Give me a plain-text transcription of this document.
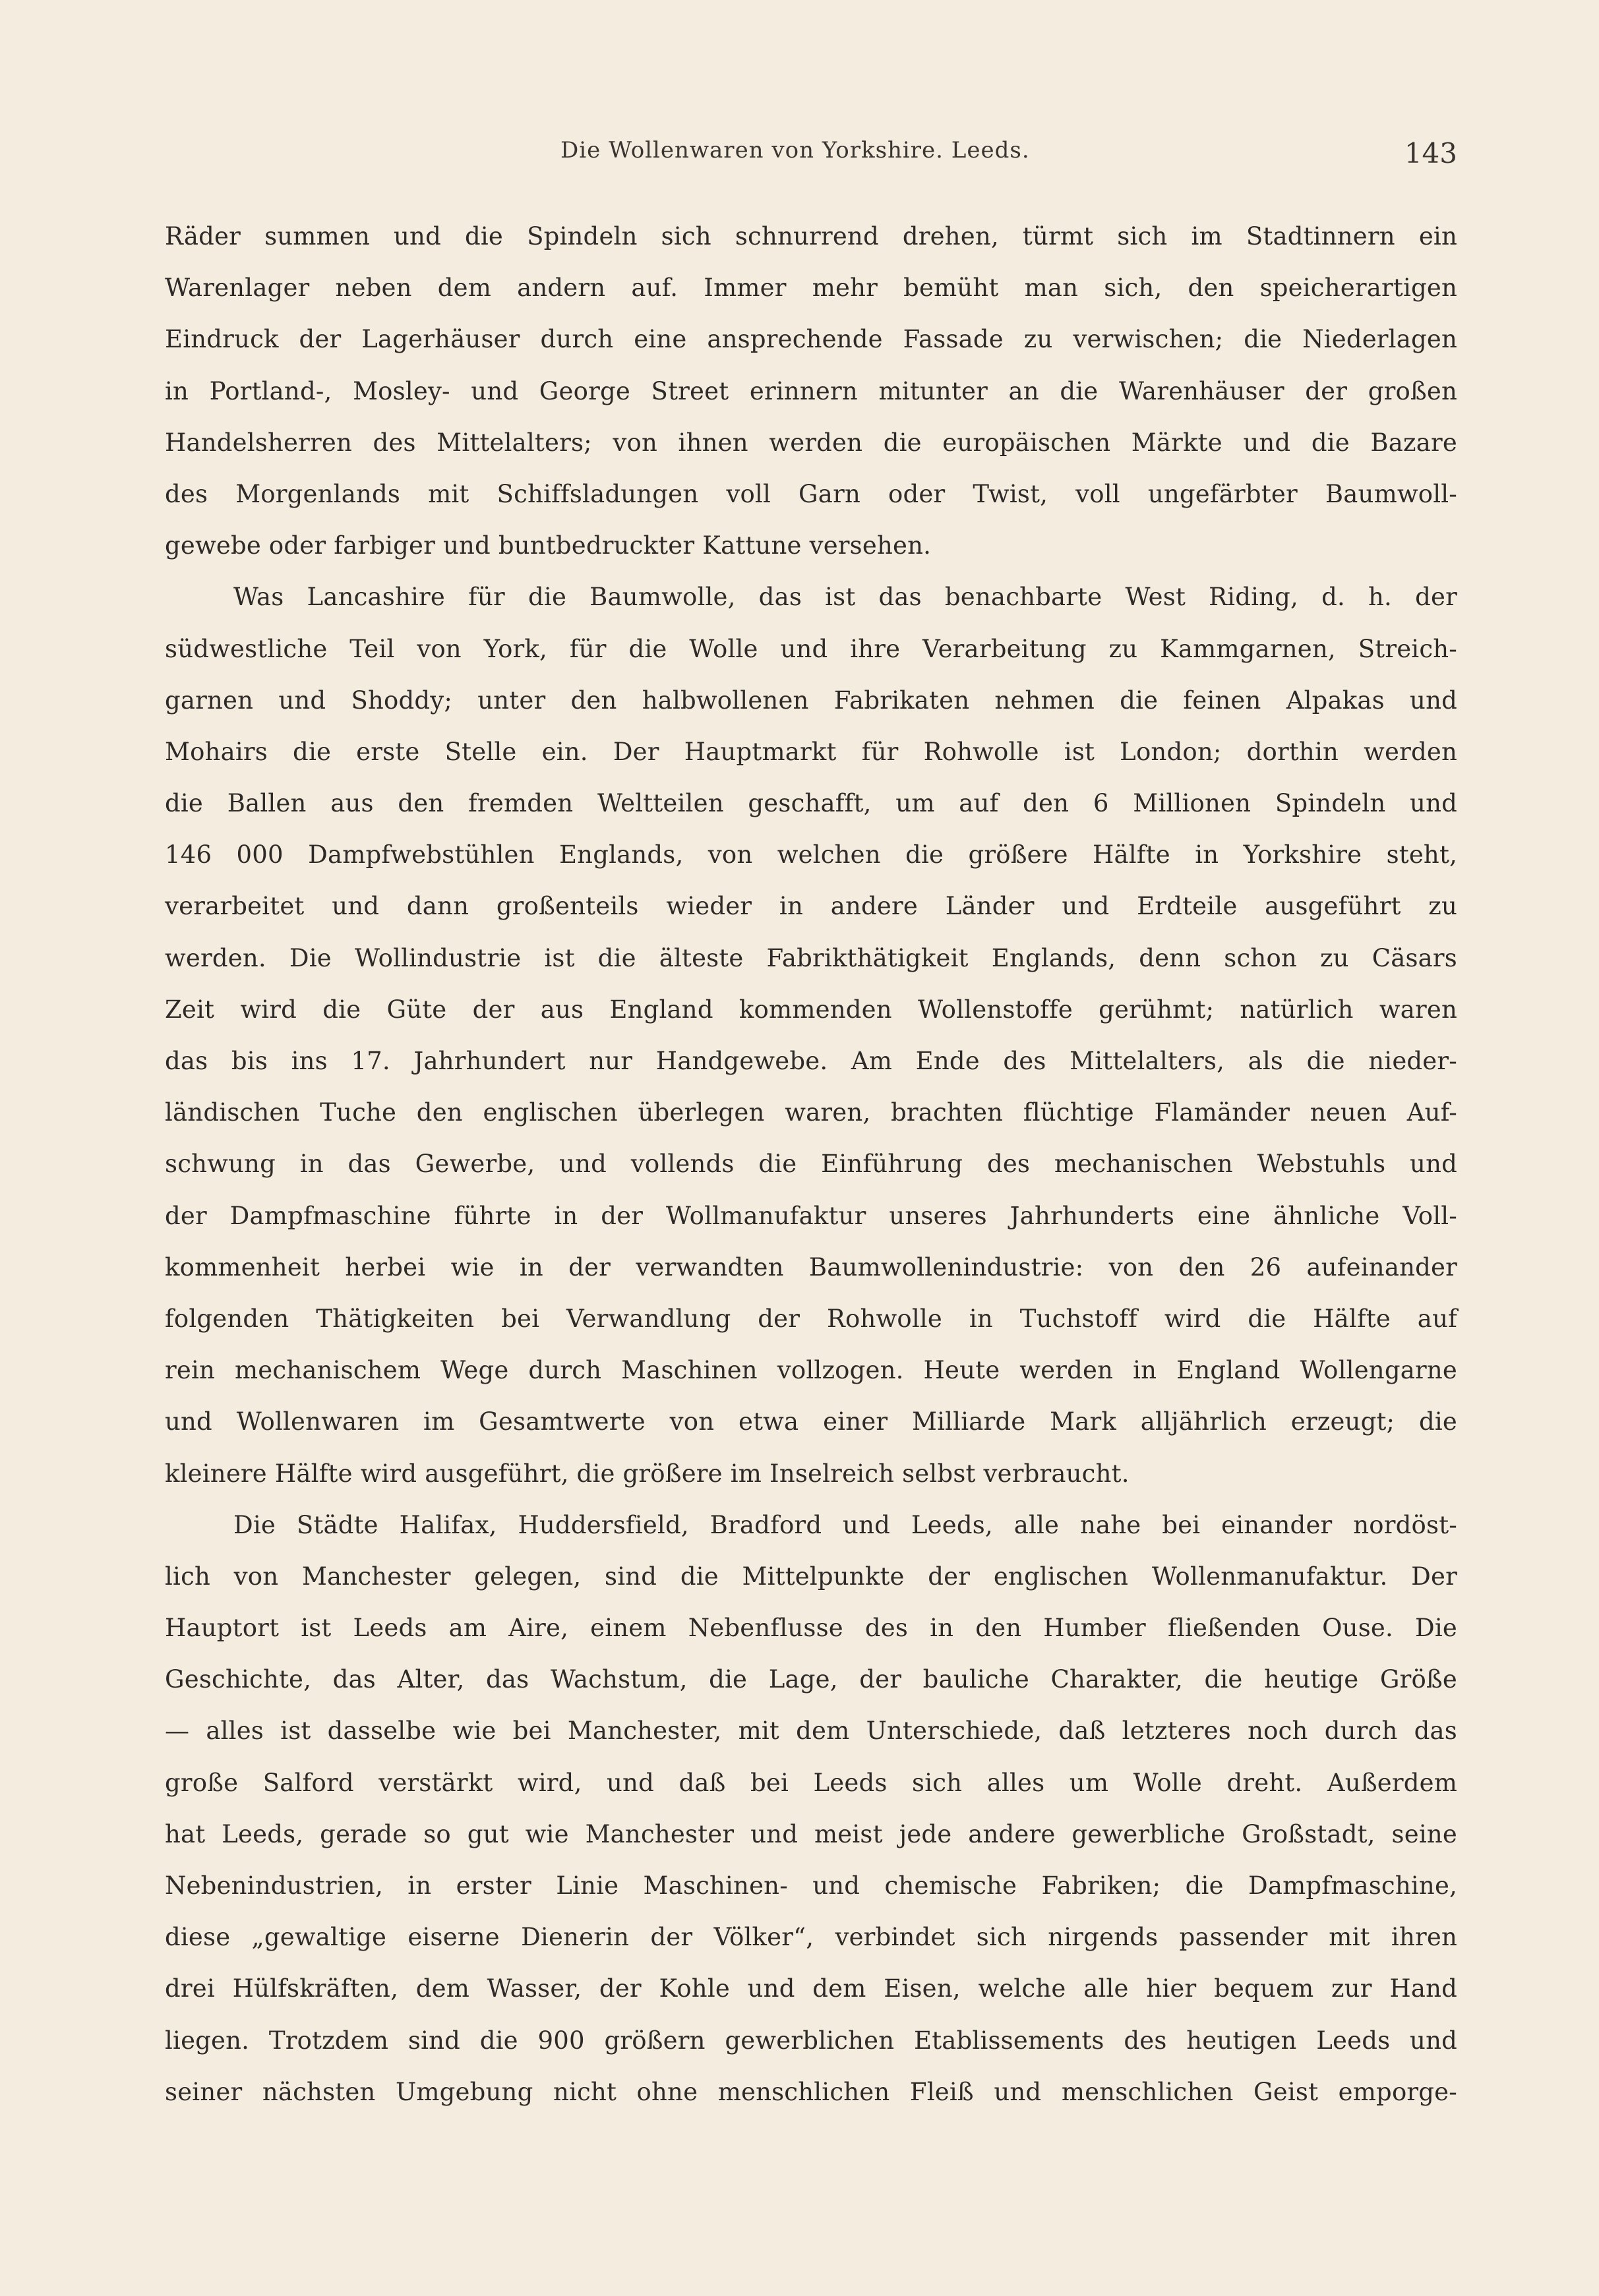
Die Wollenwaren von Yorkshire. Leeds.	143
Räder summen und die Spindeln sich schnurrend drehen, türmt sich im Stadtinnern ein
Warenlager neben dem andern auf. Immer mehr bemüht man sich, den speicherartigen
Eindruck der Lagerhäuser durch eine ansprechende Fassade zu verwischen; die Niederlagen
in Portland-, Mosley- und George Street erinnern mitunter an die Warenhäuser der großen
Handelsherren des Mittelalters; von ihnen werden die europäischen Märkte und die Bazare
des Morgenlands mit Schiffsladungen voll Garn oder Twist, voll ungefärbter Baumwoll-
gewebe oder farbiger und buntbedruckter Kattune versehen.
Was Lancashire für die Baumwolle, das ist das benachbarte West Riding, d. h. der
südwestliche Teil von York, für die Wolle und ihre Verarbeitung zu Kammgarnen, Streich-
garnen und Shoddy; unter den halbwollenen Fabrikaten nehmen die feinen Alpakas und
Mohairs die erste Stelle ein. Der Hauptmarkt für Rohwolle ist London; dorthin werden
die Ballen aus den fremden Weltteilen geschafft, um auf den 6 Millionen Spindeln und
146 000 Dampfwebstühlen Englands, von welchen die größere Hälfte in Yorkshire steht,
verarbeitet und dann großenteils wieder in andere Länder und Erdteile ausgeführt zu
werden. Die Wollindustrie ist die älteste Fabrikthätigkeit Englands, denn schon zu Cäsars
Zeit wird die Güte der aus England kommenden Wollenstoffe gerühmt; natürlich waren
das bis ins 17. Jahrhundert nur Handgewebe. Am Ende des Mittelalters, als die nieder-
ländischen Tuche den englischen überlegen waren, brachten flüchtige Flamänder neuen Auf-
schwung in das Gewerbe, und vollends die Einführung des mechanischen Webstuhls und
der Dampfmaschine führte in der Wollmanufaktur unseres Jahrhunderts eine ähnliche Voll-
kommenheit herbei wie in der verwandten Baumwollenindustrie: von den 26 aufeinander
folgenden Thätigkeiten bei Verwandlung der Rohwolle in Tuchstoff wird die Hälfte auf
rein mechanischem Wege durch Maschinen vollzogen. Heute werden in England Wollengarne
und Wollenwaren im Gesamtwerte von etwa einer Milliarde Mark alljährlich erzeugt; die
kleinere Hälfte wird ausgeführt, die größere im Inselreich selbst verbraucht.
Die Städte Halifax, Huddersfield, Bradford und Leeds, alle nahe bei einander nordöst-
lich von Manchester gelegen, sind die Mittelpunkte der englischen Wollenmanufaktur. Der
Hauptort ist Leeds am Aire, einem Nebenflusse des in den Humber fließenden Ouse. Die
Geschichte, das Alter, das Wachstum, die Lage, der bauliche Charakter, die heutige Größe
— alles ist dasselbe wie bei Manchester, mit dem Unterschiede, daß letzteres noch durch das
große Salford verstärkt wird, und daß bei Leeds sich alles um Wolle dreht. Außerdem
hat Leeds, gerade so gut wie Manchester und meist jede andere gewerbliche Großstadt, seine
Nebenindustrien, in erster Linie Maschinen- und chemische Fabriken; die Dampfmaschine,
diese „gewaltige eiserne Dienerin der Völker“, verbindet sich nirgends passender mit ihren
drei Hülfskräften, dem Wasser, der Kohle und dem Eisen, welche alle hier bequem zur Hand
liegen. Trotzdem sind die 900 größern gewerblichen Etablissements des heutigen Leeds und
seiner nächsten Umgebung nicht ohne menschlichen Fleiß und menschlichen Geist emporge-
